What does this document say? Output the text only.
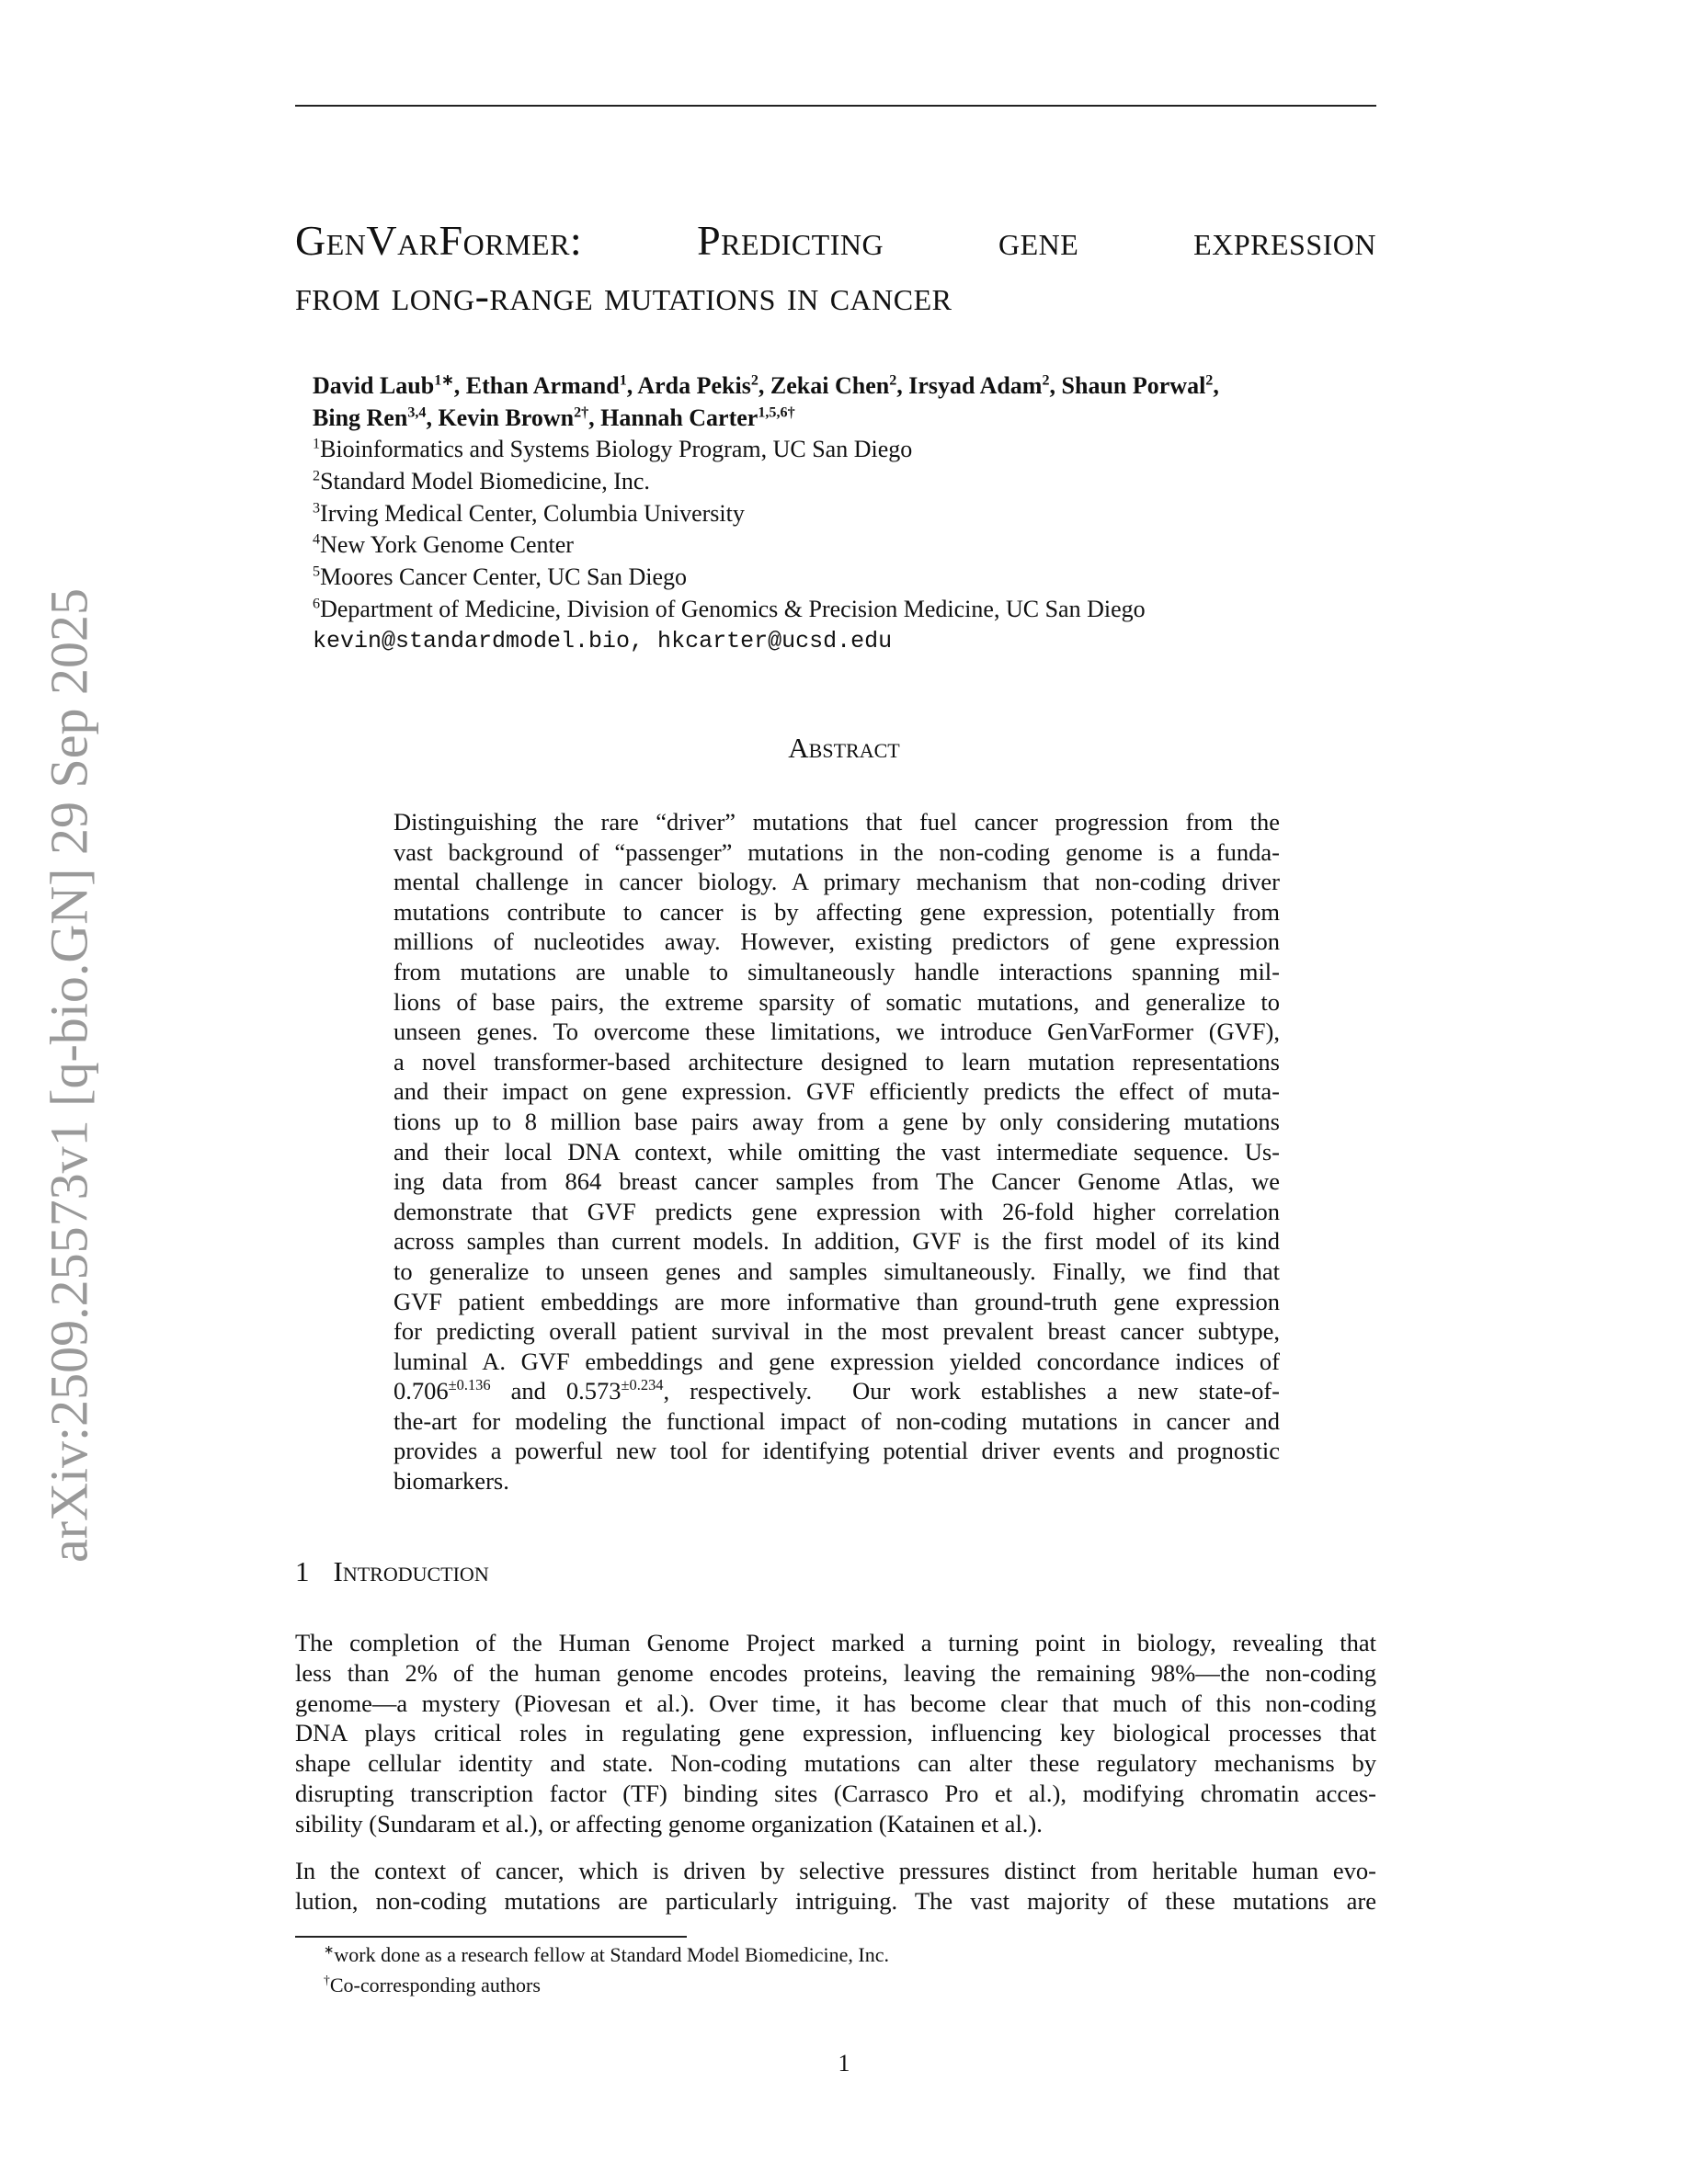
arXiv:2509.25573v1 [q-bio.GN] 29 Sep 2025
GenVarFormer: Predicting gene expression
from long-range mutations in cancer
David Laub$^{1∗}$, Ethan Armand$^1$, Arda Pekis$^2$, Zekai Chen$^2$, Irsyad Adam$^2$, Shaun Porwal$^2$,
Bing Ren$^{3,4}$, Kevin Brown$^{2\dagger}$, Hannah Carter$^{1,5,6\dagger}$
$^1$Bioinformatics and Systems Biology Program, UC San Diego
$^2$Standard Model Biomedicine, Inc.
$^3$Irving Medical Center, Columbia University
$^4$New York Genome Center
$^5$Moores Cancer Center, UC San Diego
$^6$Department of Medicine, Division of Genomics & Precision Medicine, UC San Diego
kevin@standardmodel.bio, hkcarter@ucsd.edu
Abstract
Distinguishing the rare “driver” mutations that fuel cancer progression from the
vast background of “passenger” mutations in the non-coding genome is a funda-
mental challenge in cancer biology. A primary mechanism that non-coding driver
mutations contribute to cancer is by affecting gene expression, potentially from
millions of nucleotides away. However, existing predictors of gene expression
from mutations are unable to simultaneously handle interactions spanning mil-
lions of base pairs, the extreme sparsity of somatic mutations, and generalize to
unseen genes. To overcome these limitations, we introduce GenVarFormer (GVF),
a novel transformer-based architecture designed to learn mutation representations
and their impact on gene expression. GVF efficiently predicts the effect of muta-
tions up to 8 million base pairs away from a gene by only considering mutations
and their local DNA context, while omitting the vast intermediate sequence. Us-
ing data from 864 breast cancer samples from The Cancer Genome Atlas, we
demonstrate that GVF predicts gene expression with 26-fold higher correlation
across samples than current models. In addition, GVF is the first model of its kind
to generalize to unseen genes and samples simultaneously. Finally, we find that
GVF patient embeddings are more informative than ground-truth gene expression
for predicting overall patient survival in the most prevalent breast cancer subtype,
luminal A. GVF embeddings and gene expression yielded concordance indices of
$0.706^{\pm 0.136}$ and $0.573^{\pm 0.234}$, respectively.  Our work establishes a new state-of-
the-art for modeling the functional impact of non-coding mutations in cancer and
provides a powerful new tool for identifying potential driver events and prognostic
biomarkers.
1 Introduction
The completion of the Human Genome Project marked a turning point in biology, revealing that
less than 2% of the human genome encodes proteins, leaving the remaining 98%—the non-coding
genome—a mystery (Piovesan et al.). Over time, it has become clear that much of this non-coding
DNA plays critical roles in regulating gene expression, influencing key biological processes that
shape cellular identity and state. Non-coding mutations can alter these regulatory mechanisms by
disrupting transcription factor (TF) binding sites (Carrasco Pro et al.), modifying chromatin acces-
sibility (Sundaram et al.), or affecting genome organization (Katainen et al.).
In the context of cancer, which is driven by selective pressures distinct from heritable human evo-
lution, non-coding mutations are particularly intriguing. The vast majority of these mutations are
∗work done as a research fellow at Standard Model Biomedicine, Inc.
†Co-corresponding authors
1
